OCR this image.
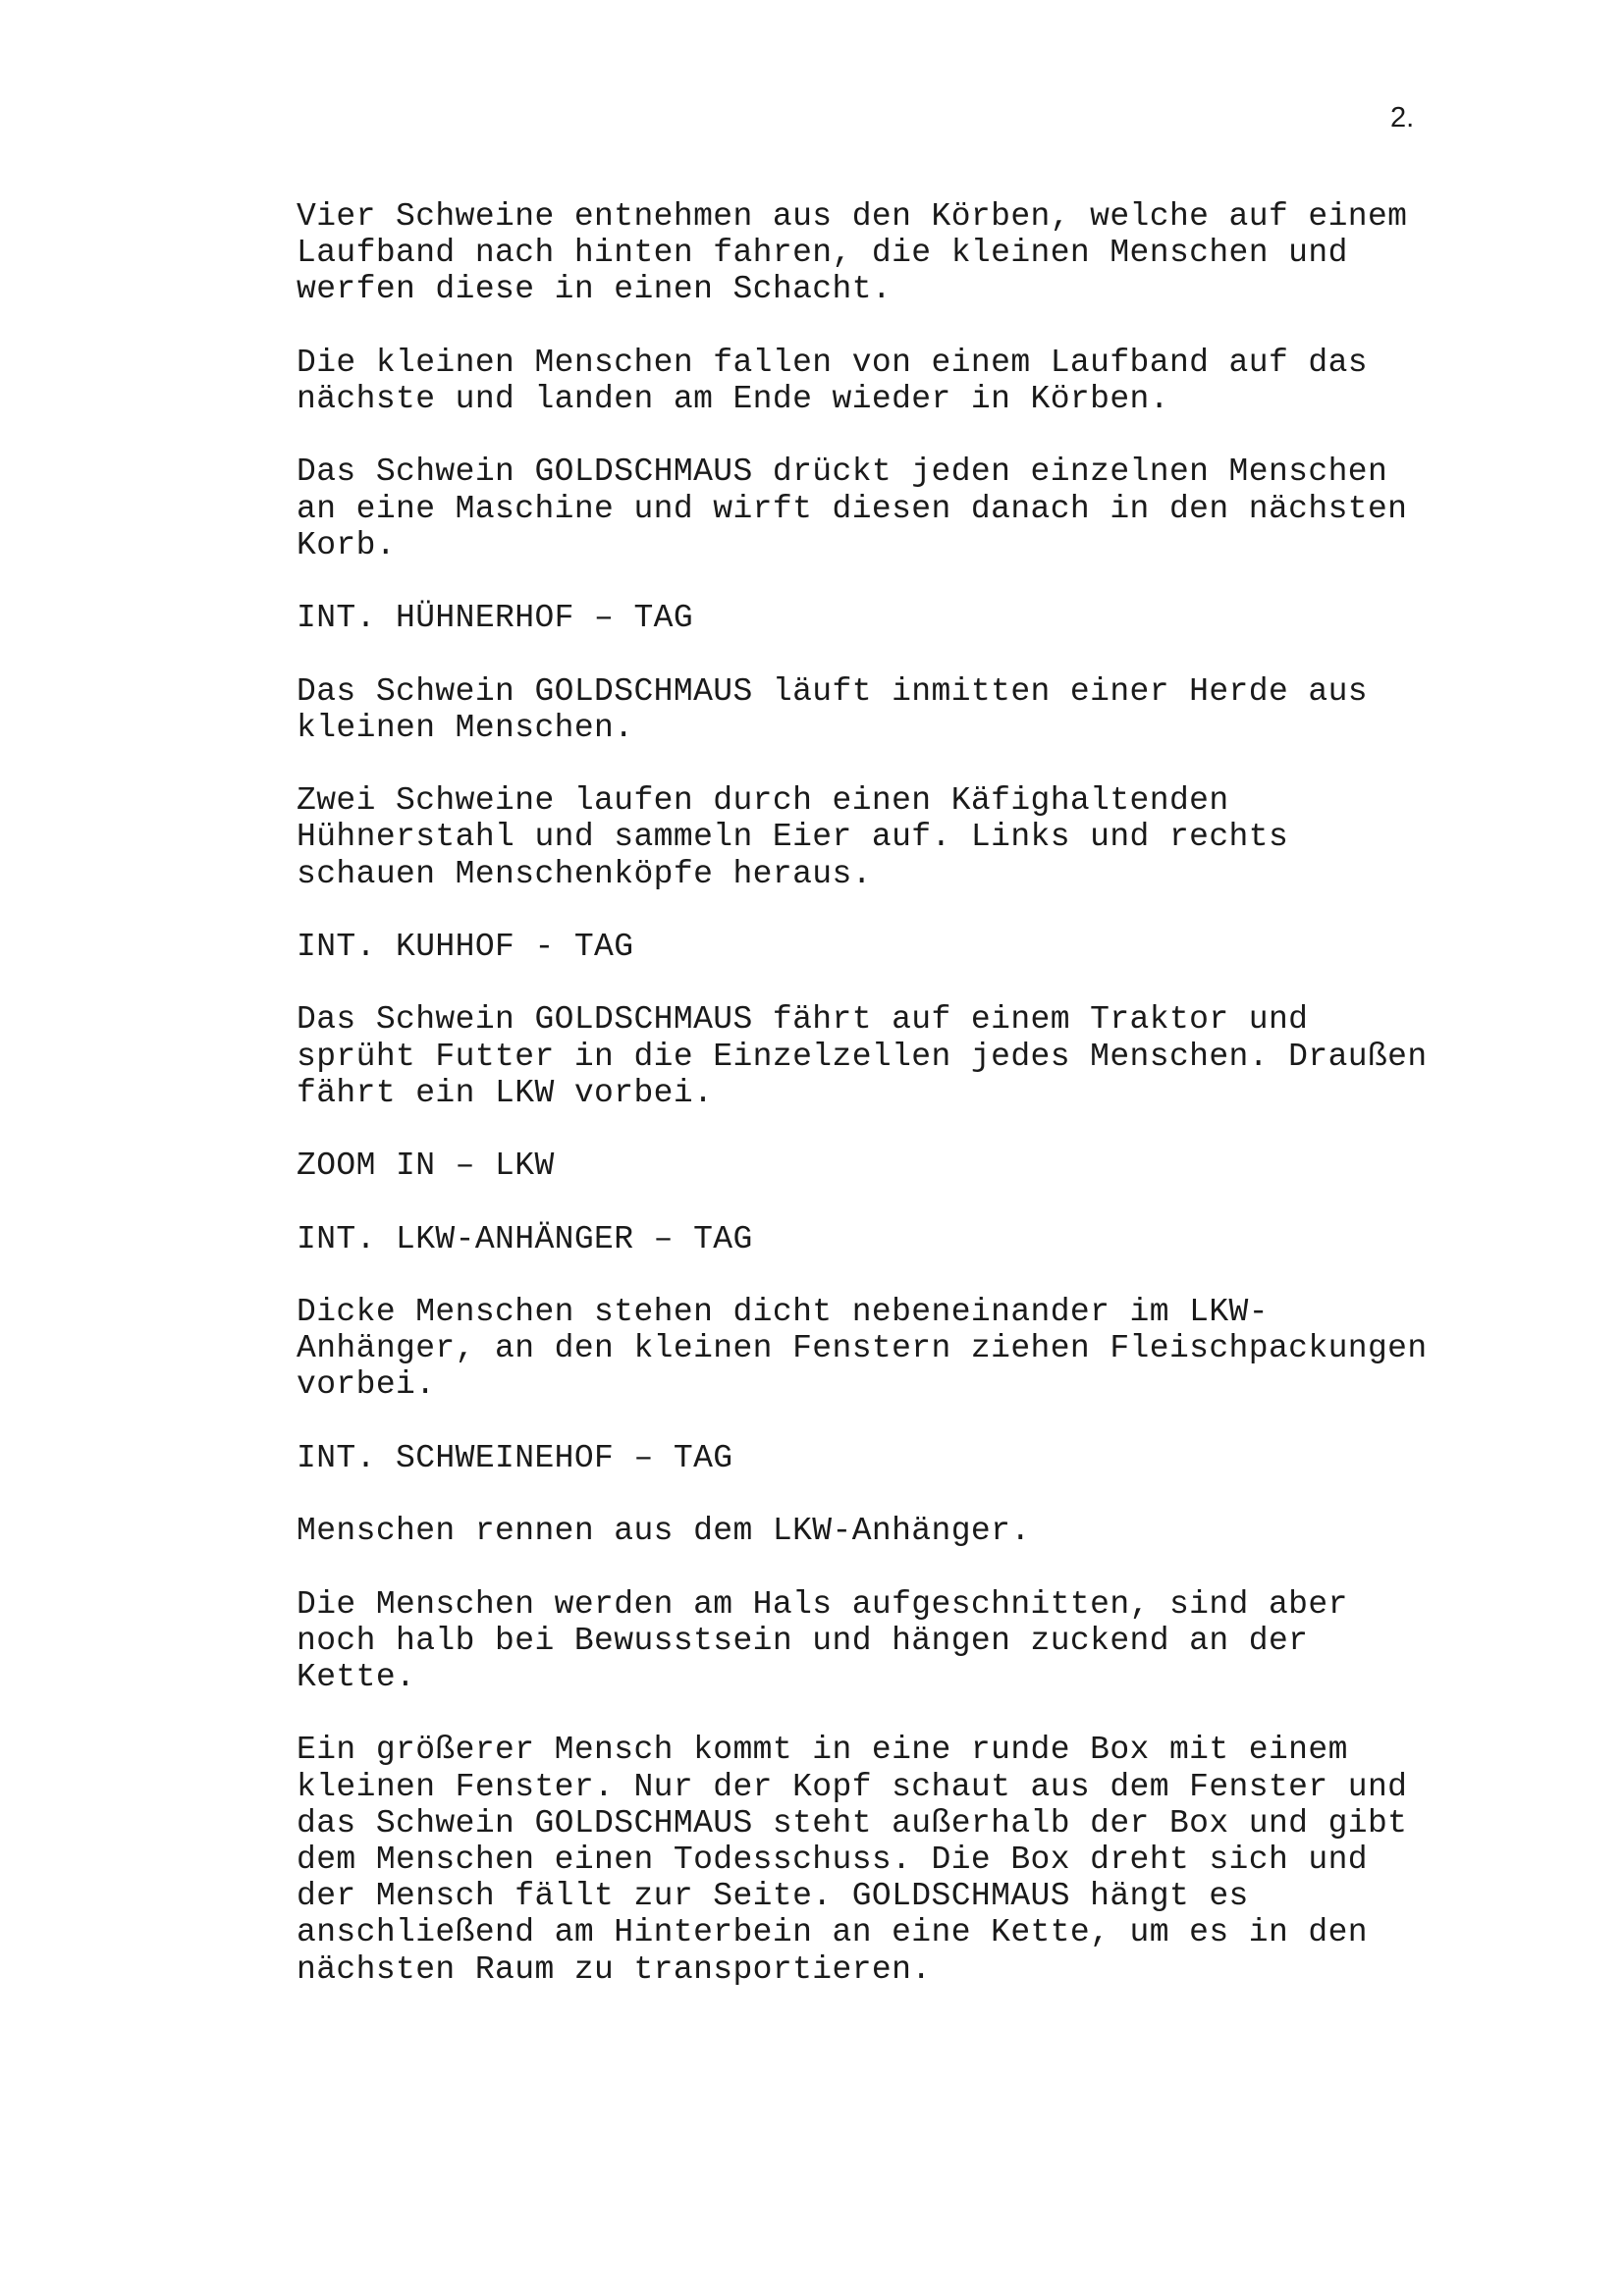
2.
Vier Schweine entnehmen aus den Körben, welche auf einem
Laufband nach hinten fahren, die kleinen Menschen und
werfen diese in einen Schacht.
Die kleinen Menschen fallen von einem Laufband auf das
nächste und landen am Ende wieder in Körben.
Das Schwein GOLDSCHMAUS drückt jeden einzelnen Menschen
an eine Maschine und wirft diesen danach in den nächsten
Korb.
INT. HÜHNERHOF – TAG
Das Schwein GOLDSCHMAUS läuft inmitten einer Herde aus
kleinen Menschen.
Zwei Schweine laufen durch einen Käfighaltenden
Hühnerstahl und sammeln Eier auf. Links und rechts
schauen Menschenköpfe heraus.
INT. KUHHOF - TAG
Das Schwein GOLDSCHMAUS fährt auf einem Traktor und
sprüht Futter in die Einzelzellen jedes Menschen. Draußen
fährt ein LKW vorbei.
ZOOM IN – LKW
INT. LKW-ANHÄNGER – TAG
Dicke Menschen stehen dicht nebeneinander im LKW-
Anhänger, an den kleinen Fenstern ziehen Fleischpackungen
vorbei.
INT. SCHWEINEHOF – TAG
Menschen rennen aus dem LKW-Anhänger.
Die Menschen werden am Hals aufgeschnitten, sind aber
noch halb bei Bewusstsein und hängen zuckend an der
Kette.
Ein größerer Mensch kommt in eine runde Box mit einem
kleinen Fenster. Nur der Kopf schaut aus dem Fenster und
das Schwein GOLDSCHMAUS steht außerhalb der Box und gibt
dem Menschen einen Todesschuss. Die Box dreht sich und
der Mensch fällt zur Seite. GOLDSCHMAUS hängt es
anschließend am Hinterbein an eine Kette, um es in den
nächsten Raum zu transportieren.
